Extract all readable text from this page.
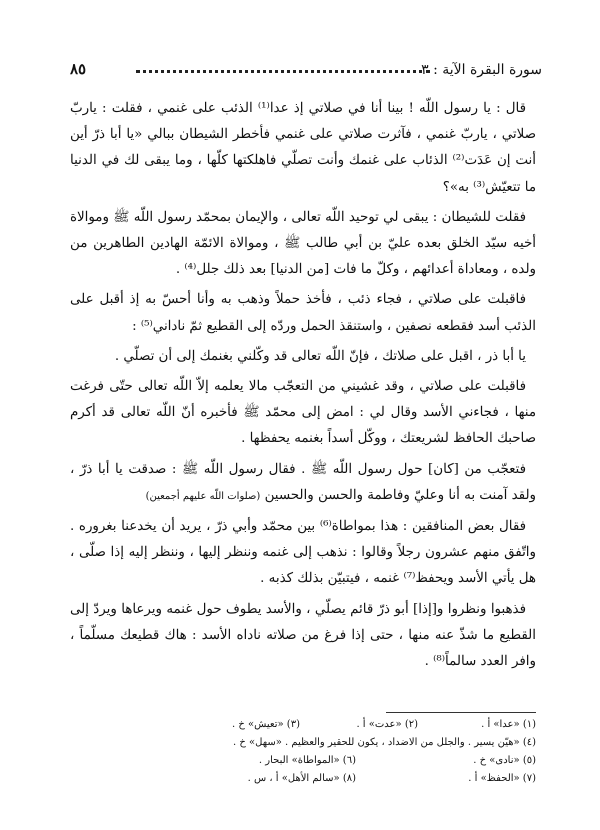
سورة البقرة الآية : ٣
٨٥

قال : يا رسول اللّه ! بينا أنا في صلاتي إذ عدا⁽¹⁾ الذئب على غنمي ، فقلت : ياربّ صلاتي ، ياربّ غنمي ، فآثرت صلاتي على غنمي فأخطر الشيطان ببالي «يا أبا ذرّ أين أنت إن عَدَت⁽²⁾ الذئاب على غنمك وأنت تصلّي فاهلكتها كلّها ، وما يبقى لك في الدنيا ما تتعيّش⁽³⁾ به»؟

فقلت للشيطان : يبقى لي توحيد اللّه تعالى ، والإيمان بمحمّد رسول اللّه ﷺ وموالاة أخيه سيّد الخلق بعده عليّ بن أبي طالب ﷺ ، وموالاة الائمّة الهادين الطاهرين من ولده ، ومعاداة أعدائهم ، وكلّ ما فات [من الدنيا] بعد ذلك جلل⁽⁴⁾ .

فاقبلت على صلاتي ، فجاء ذئب ، فأخذ حملاً وذهب به وأنا أحسّ به إذ أقبل على الذئب أسد فقطعه نصفين ، واستنقذ الحمل وردّه إلى القطيع ثمّ ناداني⁽⁵⁾ :

يا أبا ذر ، اقبل على صلاتك ، فإنّ اللّه تعالى قد وكّلني بغنمك إلى أن تصلّي .

فاقبلت على صلاتي ، وقد غشيني من التعجّب مالا يعلمه إلاّ اللّه تعالى حتّى فرغت منها ، فجاءني الأسد وقال لي : امض إلى محمّد ﷺ فأخبره أنّ اللّه تعالى قد أكرم صاحبك الحافظ لشريعتك ، ووكّل أسداً بغنمه يحفظها .

فتعجّب من [كان] حول رسول اللّه ﷺ . فقال رسول اللّه ﷺ : صدقت يا أبا ذرّ ، ولقد آمنت به أنا وعليّ وفاطمة والحسن والحسين (صلوات اللّه عليهم أجمعين)

فقال بعض المنافقين : هذا بمواطاة⁽⁶⁾ بين محمّد وأبي ذرّ ، يريد أن يخدعنا بغروره . واتّفق منهم عشرون رجلاً وقالوا : نذهب إلى غنمه وننظر إليها ، وننظر إليه إذا صلّى ، هل يأتي الأسد ويحفظ⁽⁷⁾ غنمه ، فيتبيّن بذلك كذبه .

فذهبوا ونظروا و[إذا] أبو ذرّ قائم يصلّي ، والأسد يطوف حول غنمه ويرعاها ويردّ إلى القطيع ما شذّ عنه منها ، حتى إذا فرغ من صلاته ناداه الأسد : هاك قطيعك مسلّماً ، وافر العدد سالماً⁽⁸⁾ .

(١) «عدا» أ .
(٢) «عدت» أ .
(٣) «تعيش» خ .
(٤) «هيّن يسير . والجلل من الاضداد ، يكون للحقير والعظيم . «سهل» خ .
(٥) «نادى» خ .
(٦) «المواطاة» البحار .
(٧) «الحفظ» أ .
(٨) «سالم الأهل» أ ، س .
